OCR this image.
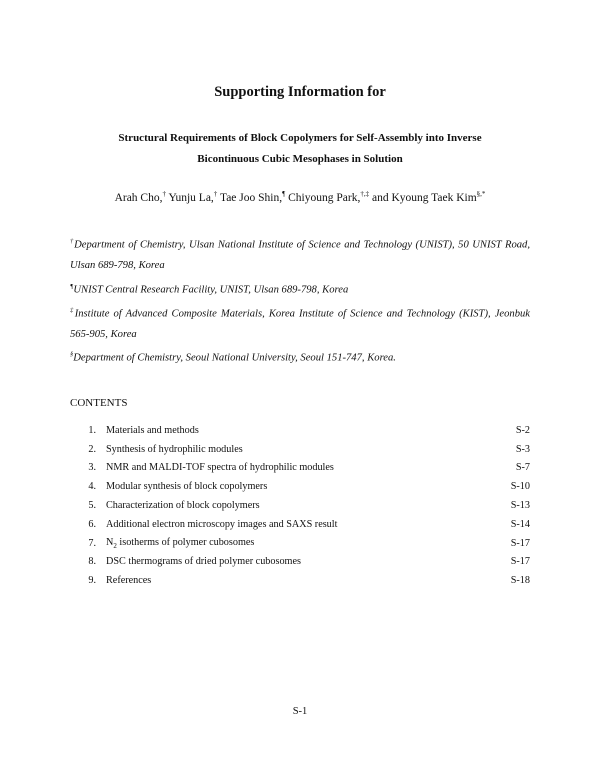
Supporting Information for
Structural Requirements of Block Copolymers for Self-Assembly into Inverse
Bicontinuous Cubic Mesophases in Solution
Arah Cho,† Yunju La,† Tae Joo Shin,¶ Chiyoung Park,†,‡ and Kyoung Taek Kim§,*
†Department of Chemistry, Ulsan National Institute of Science and Technology (UNIST), 50 UNIST Road, Ulsan 689-798, Korea
¶UNIST Central Research Facility, UNIST, Ulsan 689-798, Korea
‡Institute of Advanced Composite Materials, Korea Institute of Science and Technology (KIST), Jeonbuk 565-905, Korea
§Department of Chemistry, Seoul National University, Seoul 151-747, Korea.
CONTENTS
1. Materials and methods	S-2
2. Synthesis of hydrophilic modules	S-3
3. NMR and MALDI-TOF spectra of hydrophilic modules	S-7
4. Modular synthesis of block copolymers	S-10
5. Characterization of block copolymers	S-13
6. Additional electron microscopy images and SAXS result	S-14
7. $N_2$ isotherms of polymer cubosomes	S-17
8. DSC thermograms of dried polymer cubosomes	S-17
9. References	S-18
S-1
